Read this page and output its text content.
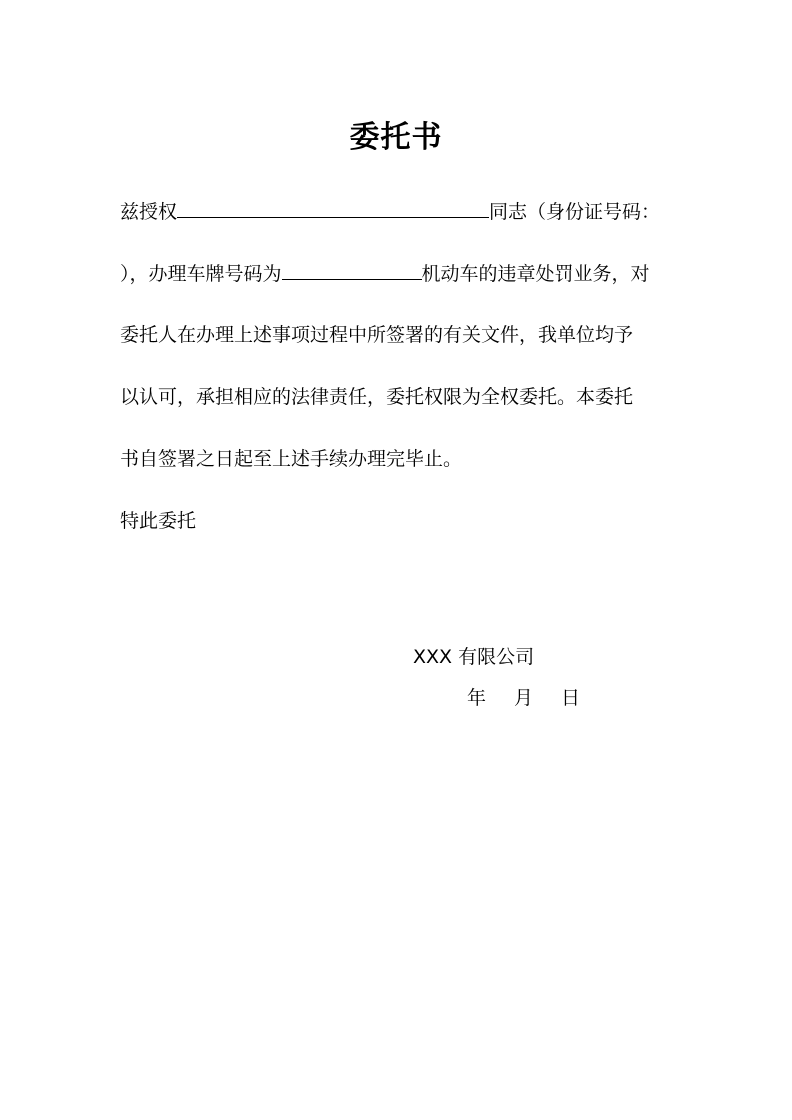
委托书
兹授权	同志（身份证号码：
），办理车牌号码为	机动车的违章处罚业务，对
委托人在办理上述事项过程中所签署的有关文件，我单位均予
以认可，承担相应的法律责任，委托权限为全权委托。本委托
书自签署之日起至上述手续办理完毕止。
特此委托
XXX 有限公司
年 月 日
